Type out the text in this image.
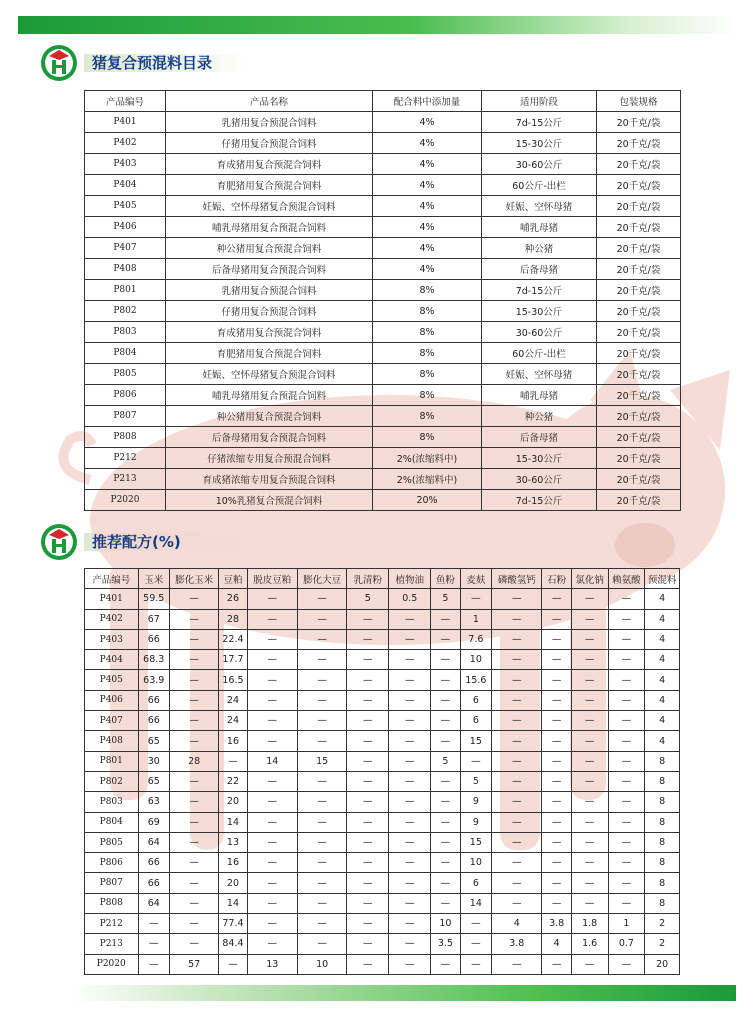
猪复合预混料目录
产品编号	产品名称	配合料中添加量	适用阶段	包装规格
P401	乳猪用复合预混合饲料	4%	7d-15公斤	20千克/袋
P402	仔猪用复合预混合饲料	4%	15-30公斤	20千克/袋
P403	育成猪用复合预混合饲料	4%	30-60公斤	20千克/袋
P404	育肥猪用复合预混合饲料	4%	60公斤-出栏	20千克/袋
P405	妊娠、空怀母猪复合预混合饲料	4%	妊娠、空怀母猪	20千克/袋
P406	哺乳母猪用复合预混合饲料	4%	哺乳母猪	20千克/袋
P407	种公猪用复合预混合饲料	4%	种公猪	20千克/袋
P408	后备母猪用复合预混合饲料	4%	后备母猪	20千克/袋
P801	乳猪用复合预混合饲料	8%	7d-15公斤	20千克/袋
P802	仔猪用复合预混合饲料	8%	15-30公斤	20千克/袋
P803	育成猪用复合预混合饲料	8%	30-60公斤	20千克/袋
P804	育肥猪用复合预混合饲料	8%	60公斤-出栏	20千克/袋
P805	妊娠、空怀母猪复合预混合饲料	8%	妊娠、空怀母猪	20千克/袋
P806	哺乳母猪用复合预混合饲料	8%	哺乳母猪	20千克/袋
P807	种公猪用复合预混合饲料	8%	种公猪	20千克/袋
P808	后备母猪用复合预混合饲料	8%	后备母猪	20千克/袋
P212	仔猪浓缩专用复合预混合饲料	2%(浓缩料中)	15-30公斤	20千克/袋
P213	育成猪浓缩专用复合预混合饲料	2%(浓缩料中)	30-60公斤	20千克/袋
P2020	10%乳猪复合预混合饲料	20%	7d-15公斤	20千克/袋
推荐配方(%)
产品编号	玉米	膨化玉米	豆粕	脱皮豆粕	膨化大豆	乳清粉	植物油	鱼粉	麦麸	磷酸氢钙	石粉	氯化钠	赖氨酸	预混料
P401	59.5	—	26	—	—	5	0.5	5	—	—	—	—	—	4
P402	67	—	28	—	—	—	—	—	1	—	—	—	—	4
P403	66	—	22.4	—	—	—	—	—	7.6	—	—	—	—	4
P404	68.3	—	17.7	—	—	—	—	—	10	—	—	—	—	4
P405	63.9	—	16.5	—	—	—	—	—	15.6	—	—	—	—	4
P406	66	—	24	—	—	—	—	—	6	—	—	—	—	4
P407	66	—	24	—	—	—	—	—	6	—	—	—	—	4
P408	65	—	16	—	—	—	—	—	15	—	—	—	—	4
P801	30	28	—	14	15	—	—	5	—	—	—	—	—	8
P802	65	—	22	—	—	—	—	—	5	—	—	—	—	8
P803	63	—	20	—	—	—	—	—	9	—	—	—	—	8
P804	69	—	14	—	—	—	—	—	9	—	—	—	—	8
P805	64	—	13	—	—	—	—	—	15	—	—	—	—	8
P806	66	—	16	—	—	—	—	—	10	—	—	—	—	8
P807	66	—	20	—	—	—	—	—	6	—	—	—	—	8
P808	64	—	14	—	—	—	—	—	14	—	—	—	—	8
P212	—	—	77.4	—	—	—	—	10	—	4	3.8	1.8	1	2
P213	—	—	84.4	—	—	—	—	3.5	—	3.8	4	1.6	0.7	2
P2020	—	57	—	13	10	—	—	—	—	—	—	—	—	20
